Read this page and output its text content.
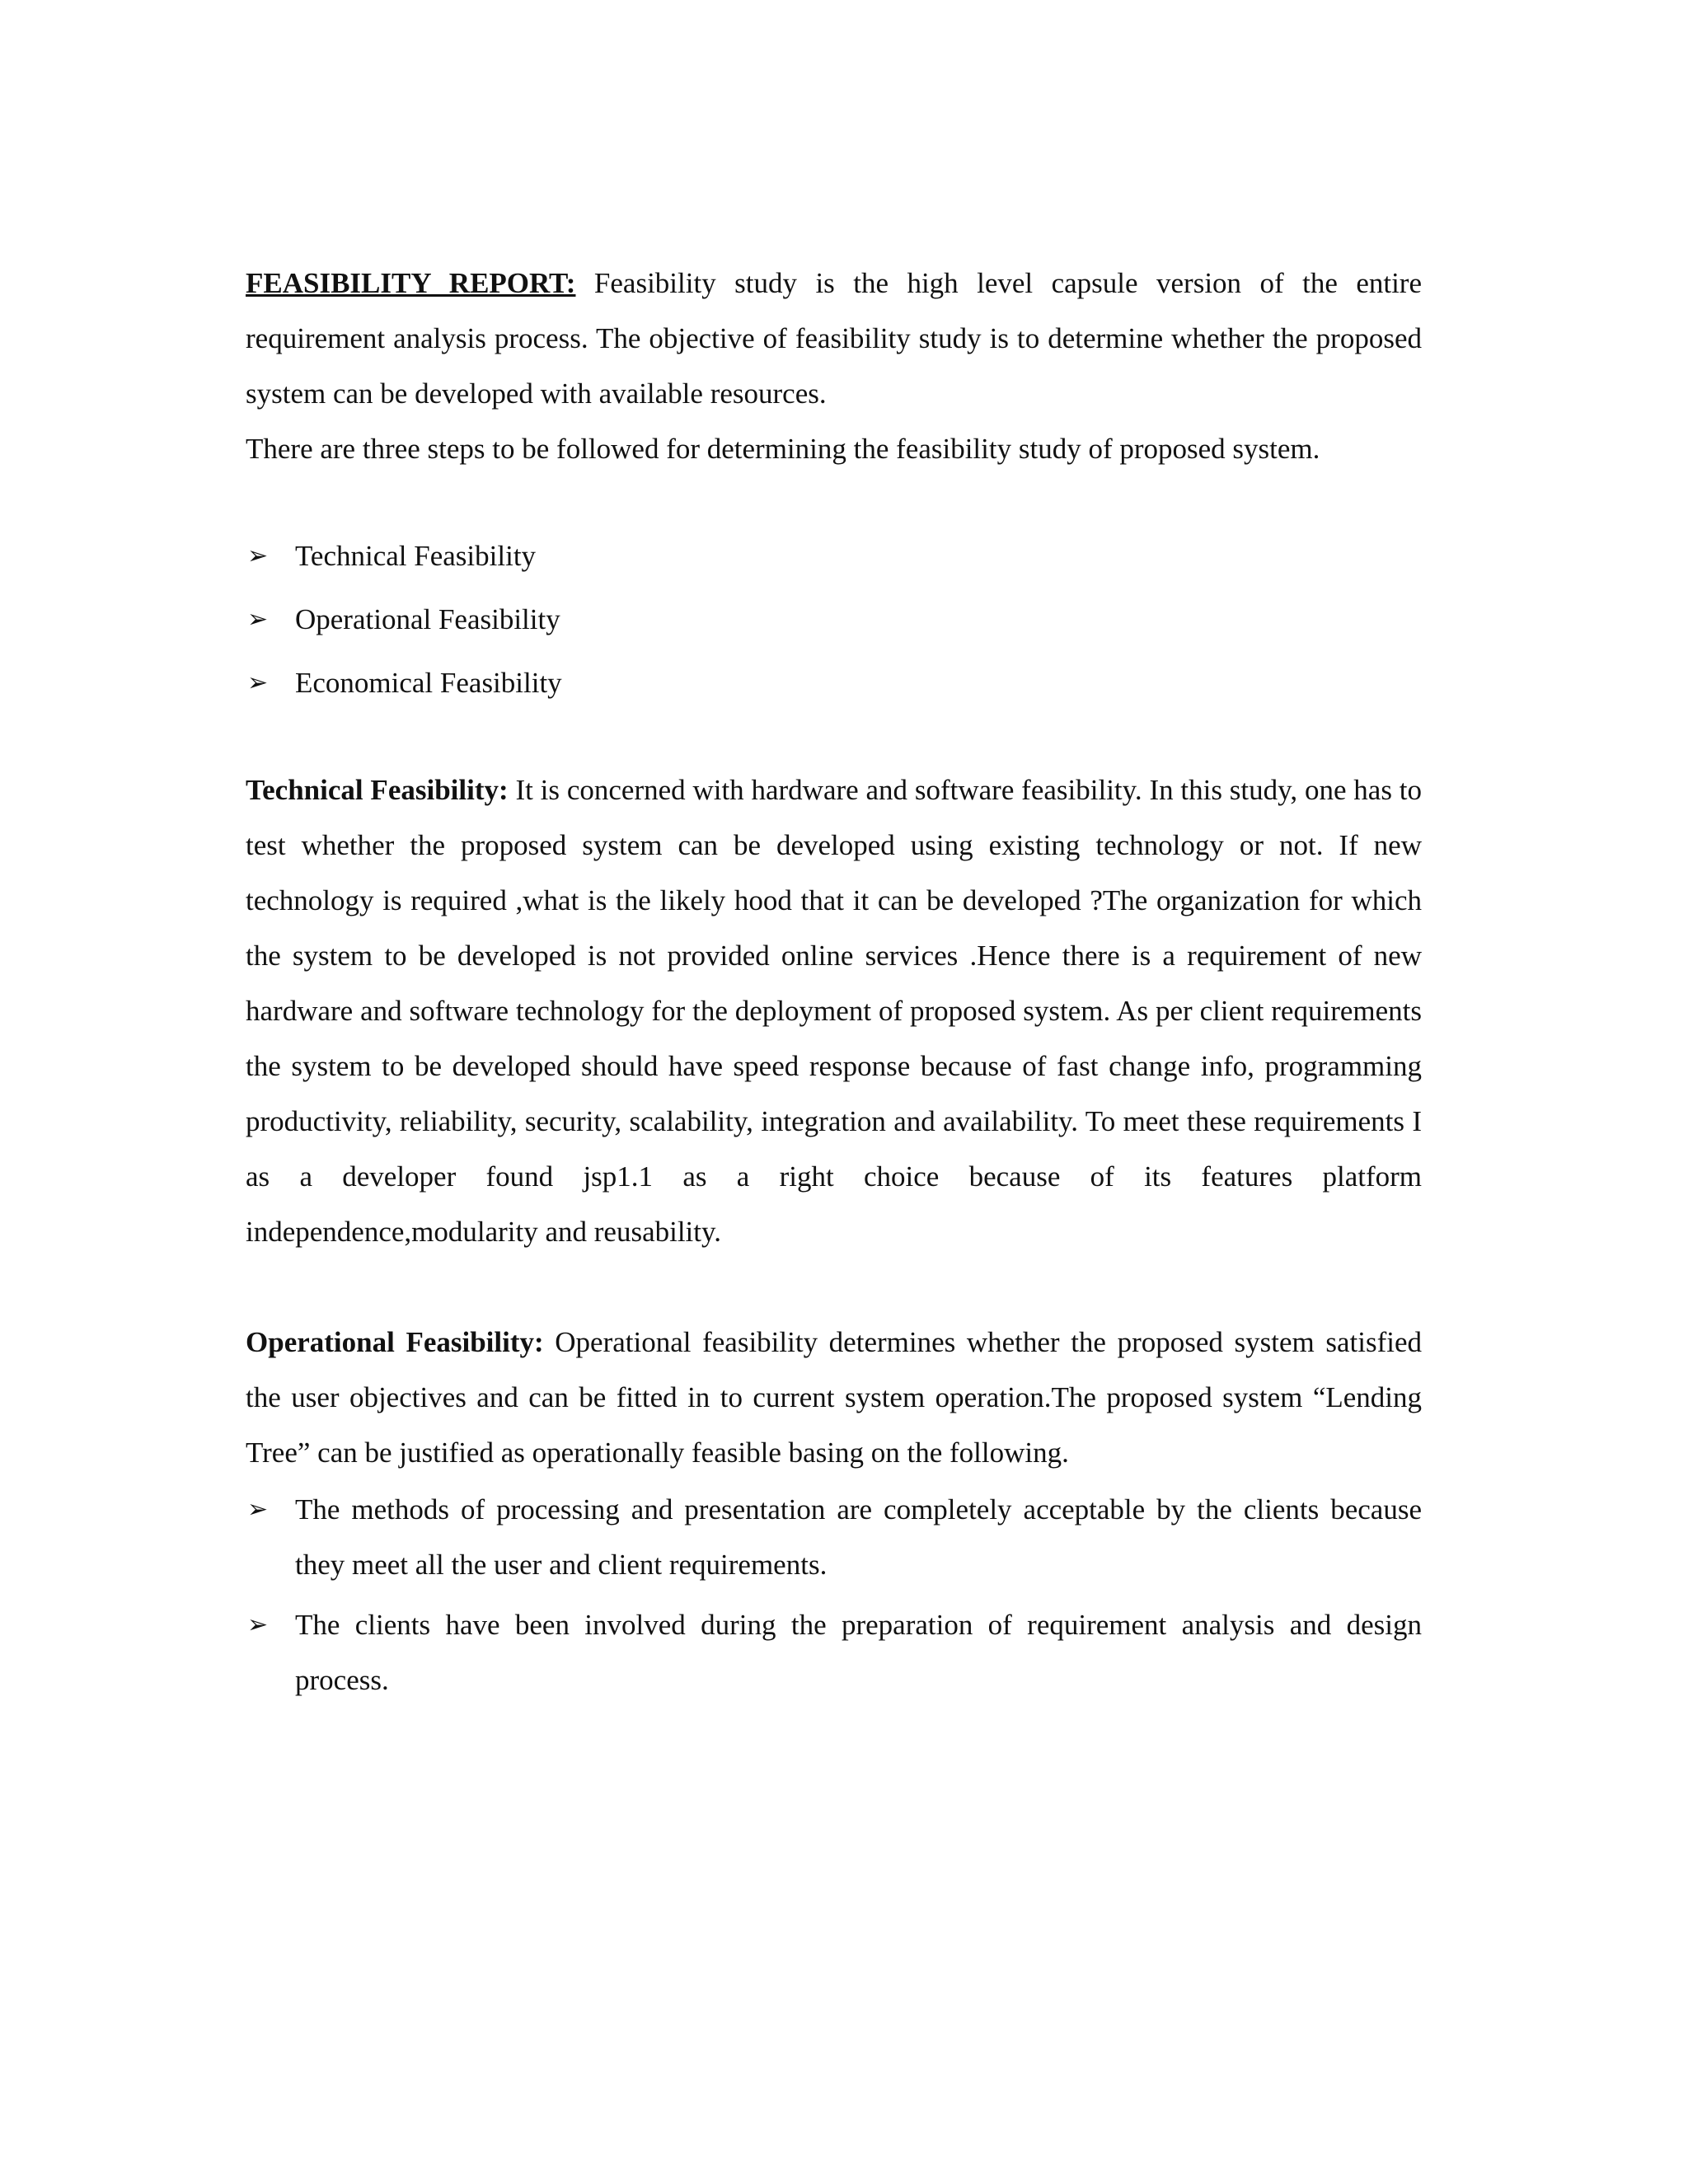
FEASIBILITY REPORT: Feasibility study is the high level capsule version of the entire requirement analysis process. The objective of feasibility study is to determine whether the proposed system can be developed with available resources.

There are three steps to be followed for determining the feasibility study of proposed system.

➢ Technical Feasibility
➢ Operational Feasibility
➢ Economical Feasibility

Technical Feasibility: It is concerned with hardware and software feasibility. In this study, one has to test whether the proposed system can be developed using existing technology or not. If new technology is required ,what is the likely hood that it can be developed ?The organization for which the system to be developed is not provided online services .Hence there is a requirement of new hardware and software technology for the deployment of proposed system. As per client requirements the system to be developed should have speed response because of fast change info, programming productivity, reliability, security, scalability, integration and availability. To meet these requirements I as a developer found jsp1.1 as a right choice because of its features platform independence,modularity and reusability.

Operational Feasibility: Operational feasibility determines whether the proposed system satisfied the user objectives and can be fitted in to current system operation.The proposed system “Lending Tree” can be justified as operationally feasible basing on the following.

➢ The methods of processing and presentation are completely acceptable by the clients because they meet all the user and client requirements.
➢ The clients have been involved during the preparation of requirement analysis and design process.
